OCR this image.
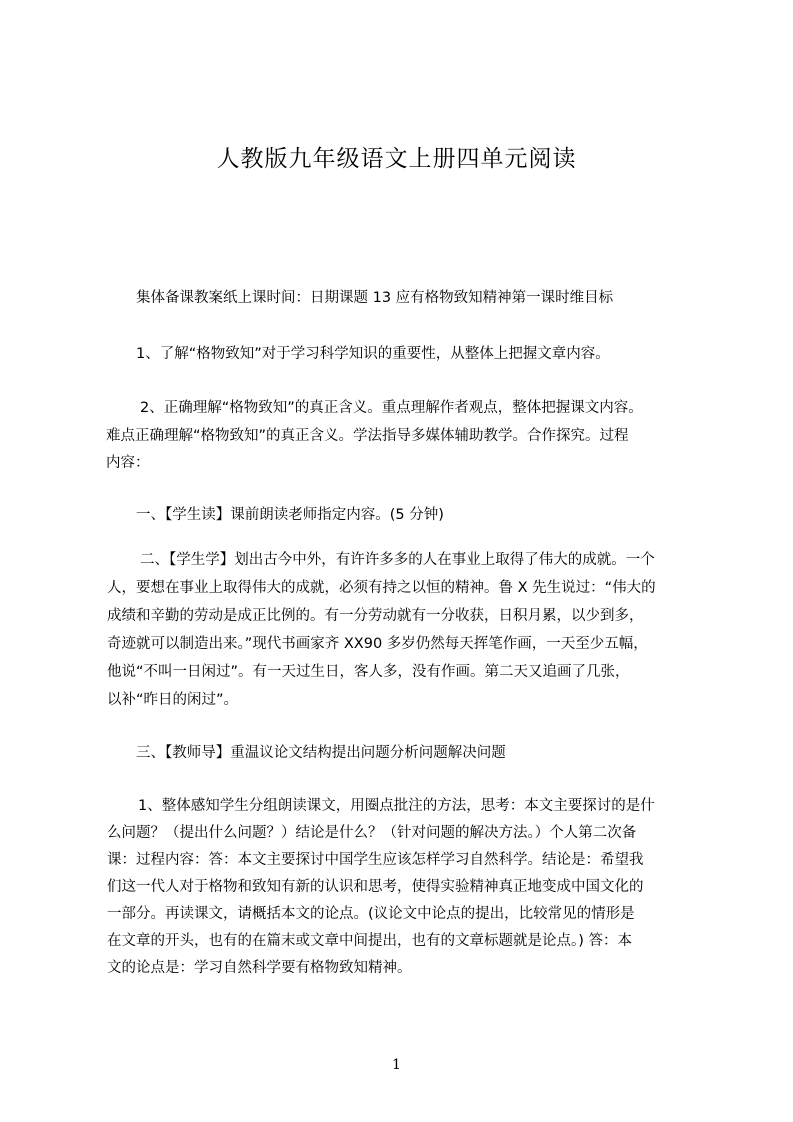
人教版九年级语文上册四单元阅读
集体备课教案纸上课时间：日期课题 13 应有格物致知精神第一课时维目标
1、了解“格物致知”对于学习科学知识的重要性，从整体上把握文章内容。
2、正确理解“格物致知”的真正含义。重点理解作者观点，整体把握课文内容。
难点正确理解“格物致知”的真正含义。学法指导多媒体辅助教学。合作探究。过程
内容：
一、【学生读】课前朗读老师指定内容。(5 分钟)
二、【学生学】划出古今中外，有许许多多的人在事业上取得了伟大的成就。一个
人，要想在事业上取得伟大的成就，必须有持之以恒的精神。鲁 X 先生说过：“伟大的
成绩和辛勤的劳动是成正比例的。有一分劳动就有一分收获，日积月累，以少到多，
奇迹就可以制造出来。”现代书画家齐 XX90 多岁仍然每天挥笔作画，一天至少五幅，
他说“不叫一日闲过”。有一天过生日，客人多，没有作画。第二天又追画了几张，
以补“昨日的闲过”。
三、【教师导】重温议论文结构提出问题分析问题解决问题
1、整体感知学生分组朗读课文，用圈点批注的方法，思考：本文主要探讨的是什
么问题？（提出什么问题？）结论是什么？（针对问题的解决方法。）个人第二次备
课：过程内容：答：本文主要探讨中国学生应该怎样学习自然科学。结论是：希望我
们这一代人对于格物和致知有新的认识和思考，使得实验精神真正地变成中国文化的
一部分。再读课文，请概括本文的论点。(议论文中论点的提出，比较常见的情形是
在文章的开头，也有的在篇末或文章中间提出，也有的文章标题就是论点。) 答：本
文的论点是：学习自然科学要有格物致知精神。
1
